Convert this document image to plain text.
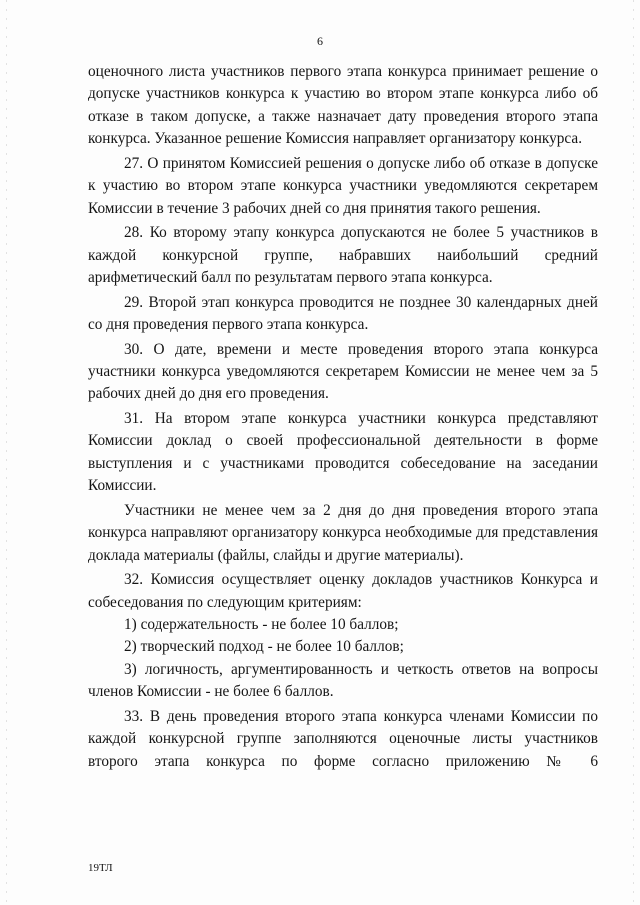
6

оценочного листа участников первого этапа конкурса принимает решение о допуске участников конкурса к участию во втором этапе конкурса либо об отказе в таком допуске, а также назначает дату проведения второго этапа конкурса. Указанное решение Комиссия направляет организатору конкурса.

27. О принятом Комиссией решения о допуске либо об отказе в допуске к участию во втором этапе конкурса участники уведомляются секретарем Комиссии в течение 3 рабочих дней со дня принятия такого решения.

28. Ко второму этапу конкурса допускаются не более 5 участников в каждой конкурсной группе, набравших наибольший средний арифметический балл по результатам первого этапа конкурса.

29. Второй этап конкурса проводится не позднее 30 календарных дней со дня проведения первого этапа конкурса.

30. О дате, времени и месте проведения второго этапа конкурса участники конкурса уведомляются секретарем Комиссии не менее чем за 5 рабочих дней до дня его проведения.

31. На втором этапе конкурса участники конкурса представляют Комиссии доклад о своей профессиональной деятельности в форме выступления и с участниками проводится собеседование на заседании Комиссии.

Участники не менее чем за 2 дня до дня проведения второго этапа конкурса направляют организатору конкурса необходимые для представления доклада материалы (файлы, слайды и другие материалы).

32. Комиссия осуществляет оценку докладов участников Конкурса и собеседования по следующим критериям:

1) содержательность - не более 10 баллов;

2) творческий подход - не более 10 баллов;

3) логичность, аргументированность и четкость ответов на вопросы членов Комиссии - не более 6 баллов.

33. В день проведения второго этапа конкурса членами Комиссии по каждой конкурсной группе заполняются оценочные листы участников второго этапа конкурса по форме согласно приложению № 6

19ТЛ
